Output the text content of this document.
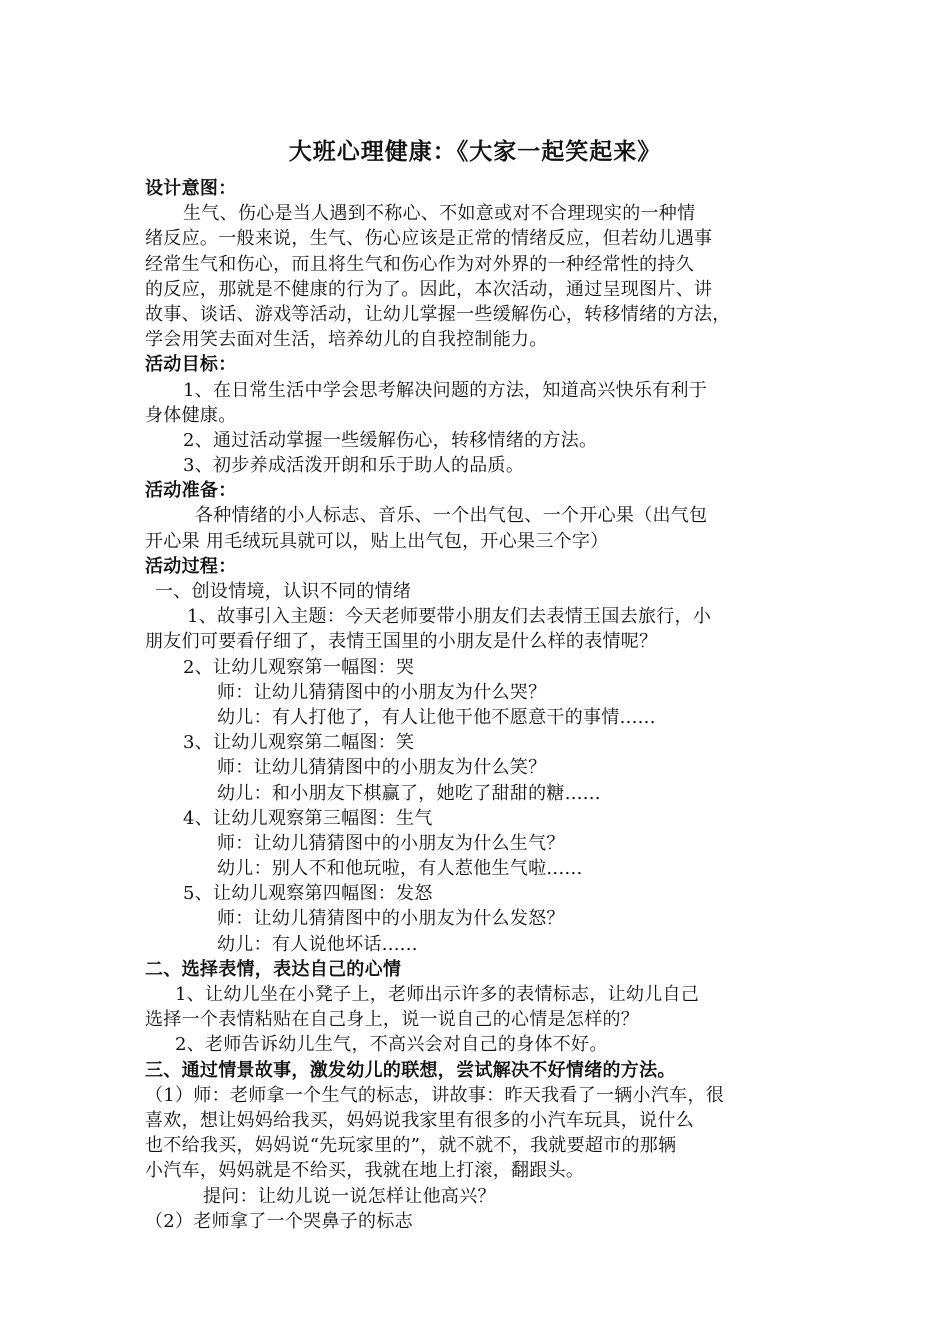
大班心理健康：《大家一起笑起来》
设计意图：
生气、伤心是当人遇到不称心、不如意或对不合理现实的一种情
绪反应。一般来说，生气、伤心应该是正常的情绪反应，但若幼儿遇事
经常生气和伤心，而且将生气和伤心作为对外界的一种经常性的持久
的反应，那就是不健康的行为了。因此，本次活动，通过呈现图片、讲
故事、谈话、游戏等活动，让幼儿掌握一些缓解伤心，转移情绪的方法，
学会用笑去面对生活，培养幼儿的自我控制能力。
活动目标：
1、在日常生活中学会思考解决问题的方法，知道高兴快乐有利于
身体健康。
2、通过活动掌握一些缓解伤心，转移情绪的方法。
3、初步养成活泼开朗和乐于助人的品质。
活动准备：
各种情绪的小人标志、音乐、一个出气包、一个开心果（出气包
开心果 用毛绒玩具就可以，贴上出气包，开心果三个字）
活动过程：
一、创设情境，认识不同的情绪
1、故事引入主题：今天老师要带小朋友们去表情王国去旅行，小
朋友们可要看仔细了，表情王国里的小朋友是什么样的表情呢？
2、让幼儿观察第一幅图：哭
师：让幼儿猜猜图中的小朋友为什么哭？
幼儿：有人打他了，有人让他干他不愿意干的事情......
3、让幼儿观察第二幅图：笑
师：让幼儿猜猜图中的小朋友为什么笑？
幼儿：和小朋友下棋赢了，她吃了甜甜的糖......
4、让幼儿观察第三幅图：生气
师：让幼儿猜猜图中的小朋友为什么生气？
幼儿：别人不和他玩啦，有人惹他生气啦......
5、让幼儿观察第四幅图：发怒
师：让幼儿猜猜图中的小朋友为什么发怒？
幼儿：有人说他坏话......
二、选择表情，表达自己的心情
1、让幼儿坐在小凳子上，老师出示许多的表情标志，让幼儿自己
选择一个表情粘贴在自己身上，说一说自己的心情是怎样的？
2、老师告诉幼儿生气，不高兴会对自己的身体不好。
三、通过情景故事，激发幼儿的联想，尝试解决不好情绪的方法。
（1）师：老师拿一个生气的标志，讲故事：昨天我看了一辆小汽车，很
喜欢，想让妈妈给我买，妈妈说我家里有很多的小汽车玩具，说什么
也不给我买，妈妈说“先玩家里的”，就不就不，我就要超市的那辆
小汽车，妈妈就是不给买，我就在地上打滚，翻跟头。
提问：让幼儿说一说怎样让他高兴？
（2）老师拿了一个哭鼻子的标志
